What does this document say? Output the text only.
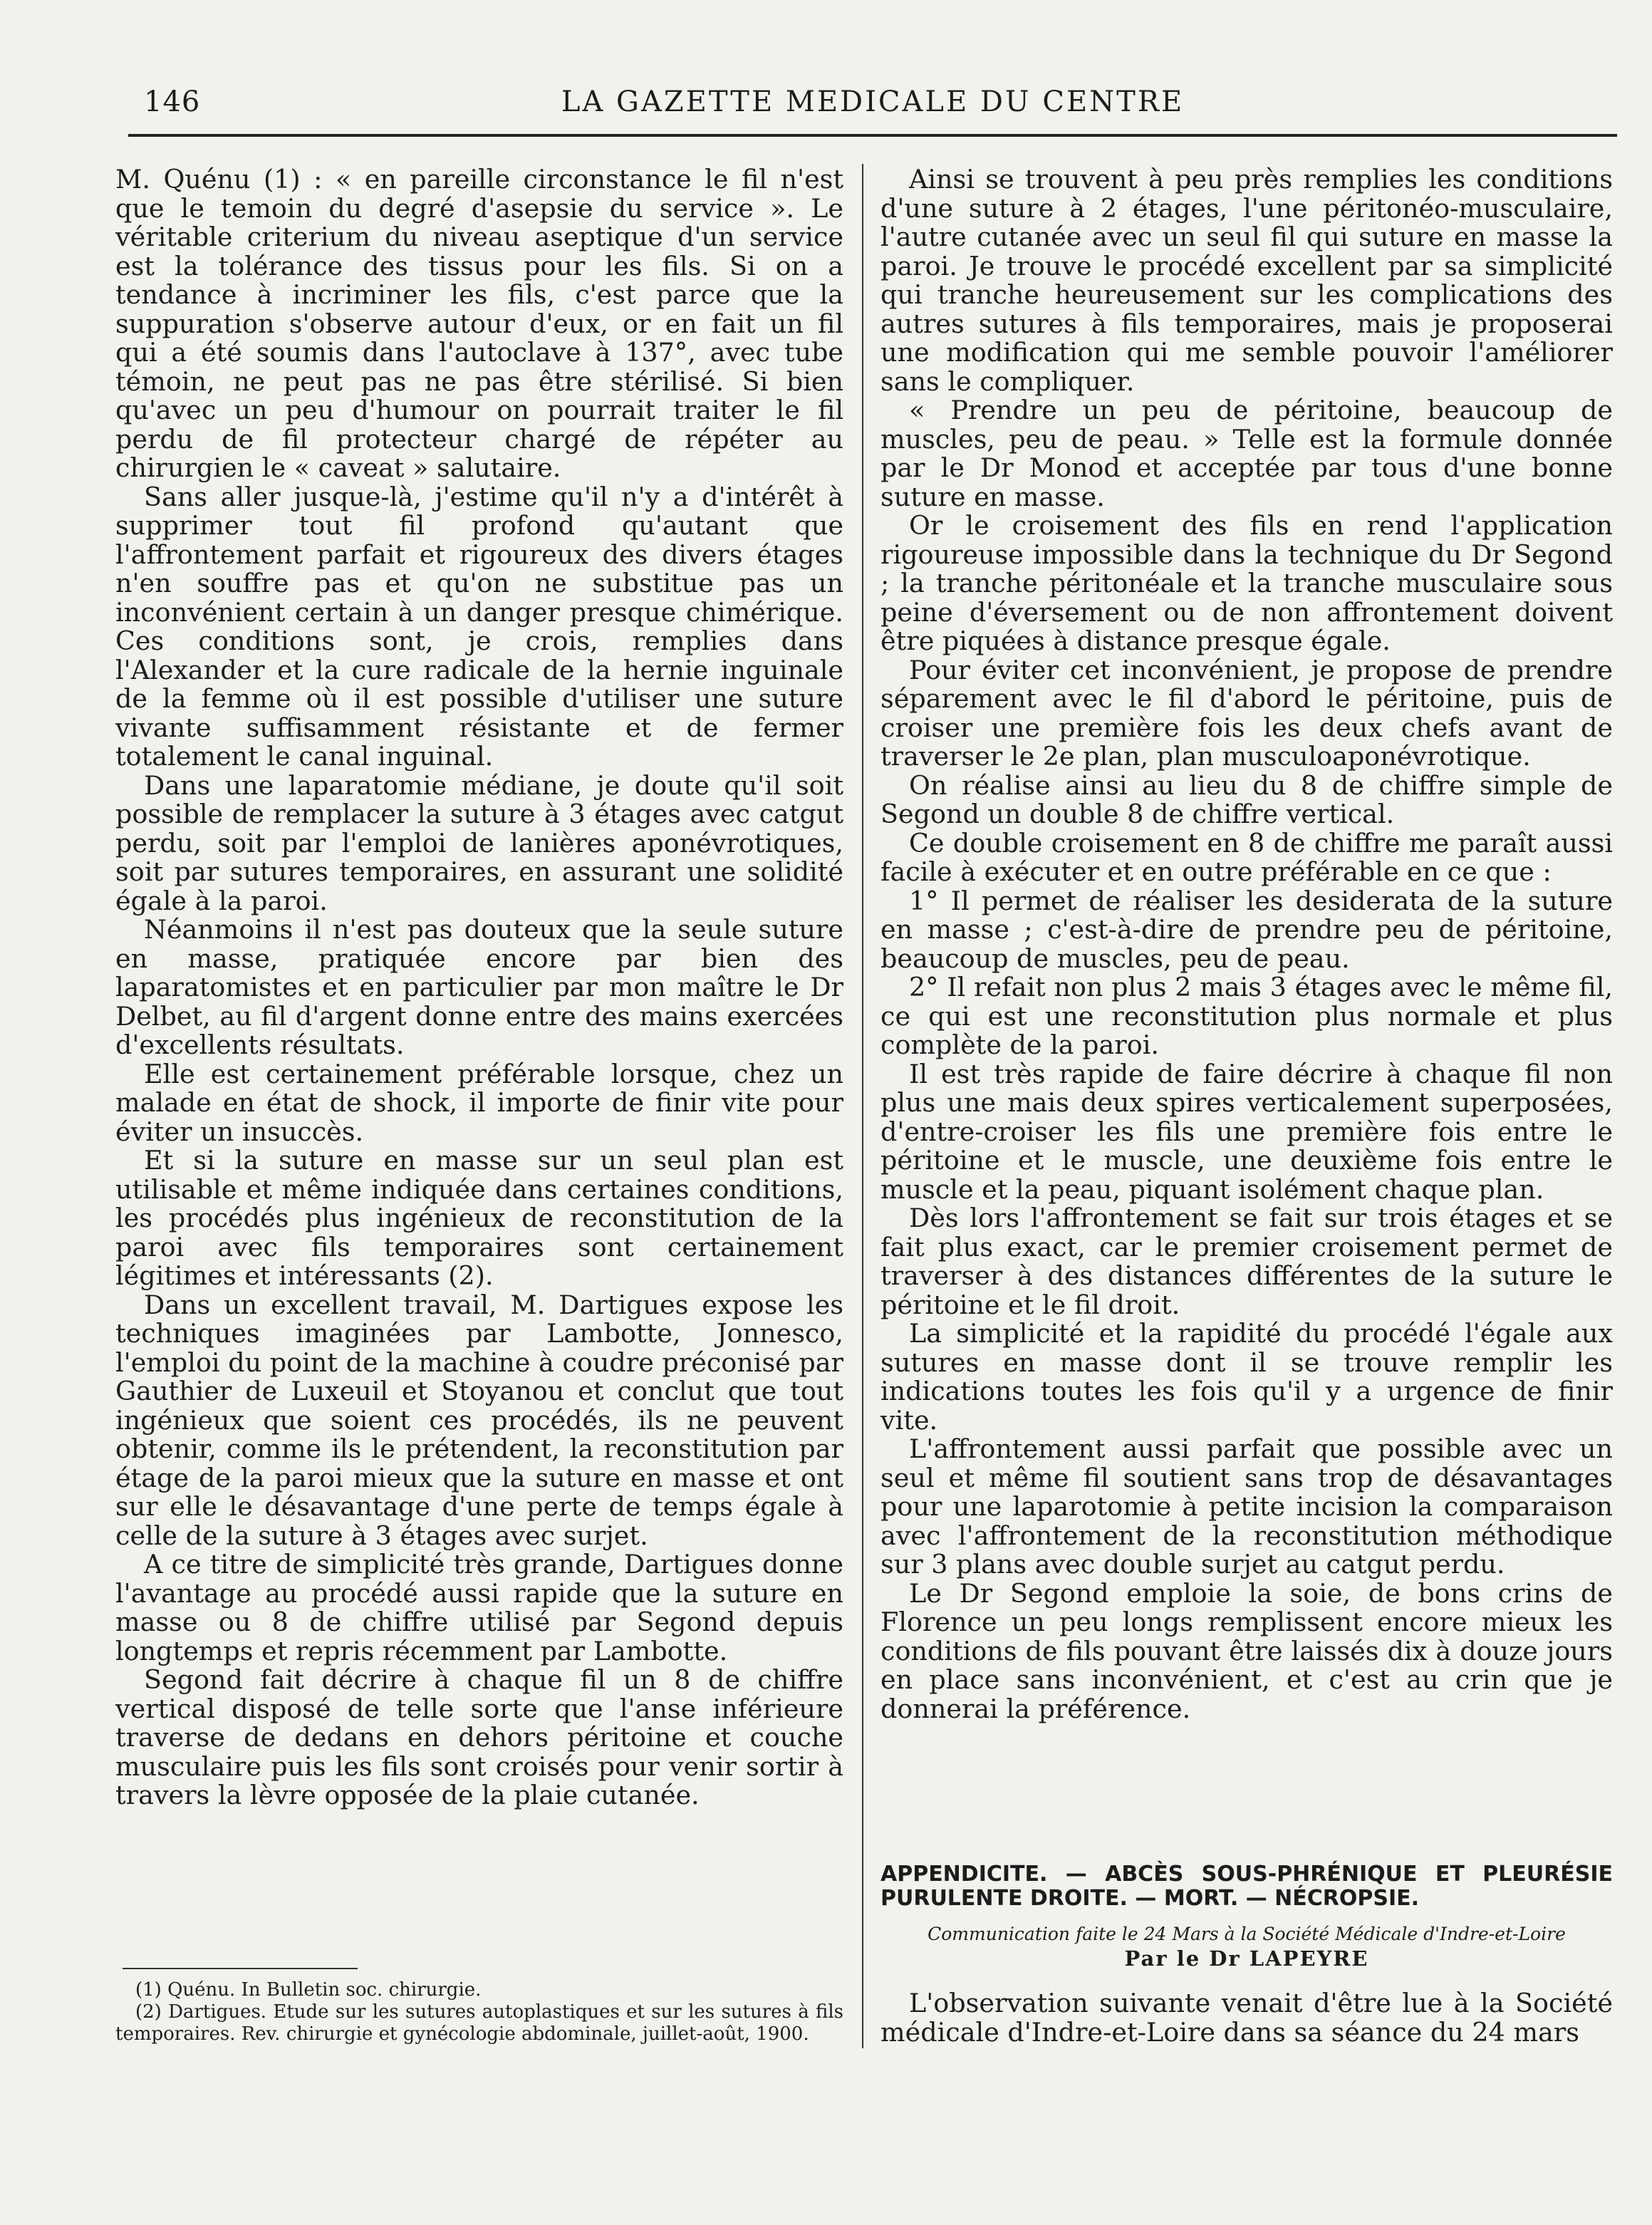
146	LA GAZETTE MEDICALE DU CENTRE

M. Quénu (1) : « en pareille circonstance le fil n'est que le temoin du degré d'asepsie du service ». Le véritable criterium du niveau aseptique d'un service est la tolérance des tissus pour les fils. Si on a tendance à incriminer les fils, c'est parce que la suppuration s'observe autour d'eux, or en fait un fil qui a été soumis dans l'autoclave à 137°, avec tube témoin, ne peut pas ne pas être stérilisé. Si bien qu'avec un peu d'humour on pourrait traiter le fil perdu de fil protecteur chargé de répéter au chirurgien le « caveat » salutaire.

Sans aller jusque-là, j'estime qu'il n'y a d'intérêt à supprimer tout fil profond qu'autant que l'affrontement parfait et rigoureux des divers étages n'en souffre pas et qu'on ne substitue pas un inconvénient certain à un danger presque chimérique. Ces conditions sont, je crois, remplies dans l'Alexander et la cure radicale de la hernie inguinale de la femme où il est possible d'utiliser une suture vivante suffisamment résistante et de fermer totalement le canal inguinal.

Dans une laparatomie médiane, je doute qu'il soit possible de remplacer la suture à 3 étages avec catgut perdu, soit par l'emploi de lanières aponévrotiques, soit par sutures temporaires, en assurant une solidité égale à la paroi.

Néanmoins il n'est pas douteux que la seule suture en masse, pratiquée encore par bien des laparatomistes et en particulier par mon maître le Dr Delbet, au fil d'argent donne entre des mains exercées d'excellents résultats.

Elle est certainement préférable lorsque, chez un malade en état de shock, il importe de finir vite pour éviter un insuccès.

Et si la suture en masse sur un seul plan est utilisable et même indiquée dans certaines conditions, les procédés plus ingénieux de reconstitution de la paroi avec fils temporaires sont certainement légitimes et intéressants (2).

Dans un excellent travail, M. Dartigues expose les techniques imaginées par Lambotte, Jonnesco, l'emploi du point de la machine à coudre préconisé par Gauthier de Luxeuil et Stoyanou et conclut que tout ingénieux que soient ces procédés, ils ne peuvent obtenir, comme ils le prétendent, la reconstitution par étage de la paroi mieux que la suture en masse et ont sur elle le désavantage d'une perte de temps égale à celle de la suture à 3 étages avec surjet.

A ce titre de simplicité très grande, Dartigues donne l'avantage au procédé aussi rapide que la suture en masse ou 8 de chiffre utilisé par Segond depuis longtemps et repris récemment par Lambotte.

Segond fait décrire à chaque fil un 8 de chiffre vertical disposé de telle sorte que l'anse inférieure traverse de dedans en dehors péritoine et couche musculaire puis les fils sont croisés pour venir sortir à travers la lèvre opposée de la plaie cutanée.

(1) Quénu. In Bulletin soc. chirurgie.

(2) Dartigues. Etude sur les sutures autoplastiques et sur les sutures à fils temporaires. Rev. chirurgie et gynécologie abdominale, juillet-août, 1900.

Ainsi se trouvent à peu près remplies les conditions d'une suture à 2 étages, l'une péritonéo-musculaire, l'autre cutanée avec un seul fil qui suture en masse la paroi. Je trouve le procédé excellent par sa simplicité qui tranche heureusement sur les complications des autres sutures à fils temporaires, mais je proposerai une modification qui me semble pouvoir l'améliorer sans le compliquer.

« Prendre un peu de péritoine, beaucoup de muscles, peu de peau. » Telle est la formule donnée par le Dr Monod et acceptée par tous d'une bonne suture en masse.

Or le croisement des fils en rend l'application rigoureuse impossible dans la technique du Dr Segond ; la tranche péritonéale et la tranche musculaire sous peine d'éversement ou de non affrontement doivent être piquées à distance presque égale.

Pour éviter cet inconvénient, je propose de prendre séparement avec le fil d'abord le péritoine, puis de croiser une première fois les deux chefs avant de traverser le 2e plan, plan musculoaponévrotique.

On réalise ainsi au lieu du 8 de chiffre simple de Segond un double 8 de chiffre vertical.

Ce double croisement en 8 de chiffre me paraît aussi facile à exécuter et en outre préférable en ce que :

1° Il permet de réaliser les desiderata de la suture en masse ; c'est-à-dire de prendre peu de péritoine, beaucoup de muscles, peu de peau.

2° Il refait non plus 2 mais 3 étages avec le même fil, ce qui est une reconstitution plus normale et plus complète de la paroi.

Il est très rapide de faire décrire à chaque fil non plus une mais deux spires verticalement superposées, d'entre-croiser les fils une première fois entre le péritoine et le muscle, une deuxième fois entre le muscle et la peau, piquant isolément chaque plan.

Dès lors l'affrontement se fait sur trois étages et se fait plus exact, car le premier croisement permet de traverser à des distances différentes de la suture le péritoine et le fil droit.

La simplicité et la rapidité du procédé l'égale aux sutures en masse dont il se trouve remplir les indications toutes les fois qu'il y a urgence de finir vite.

L'affrontement aussi parfait que possible avec un seul et même fil soutient sans trop de désavantages pour une laparotomie à petite incision la comparaison avec l'affrontement de la reconstitution méthodique sur 3 plans avec double surjet au catgut perdu.

Le Dr Segond emploie la soie, de bons crins de Florence un peu longs remplissent encore mieux les conditions de fils pouvant être laissés dix à douze jours en place sans inconvénient, et c'est au crin que je donnerai la préférence.

APPENDICITE. — ABCÈS SOUS-PHRÉNIQUE ET PLEURÉSIE PURULENTE DROITE. — MORT. — NÉCROPSIE.

Communication faite le 24 Mars à la Société Médicale d'Indre-et-Loire

Par le Dr LAPEYRE

L'observation suivante venait d'être lue à la Société médicale d'Indre-et-Loire dans sa séance du 24 mars
